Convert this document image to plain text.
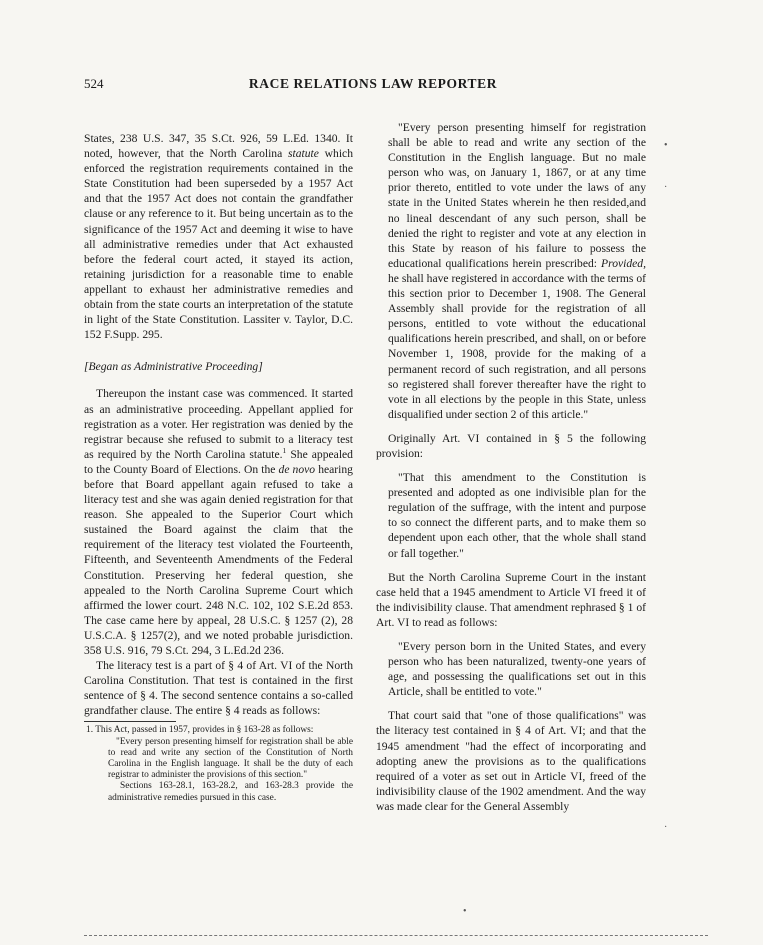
524	RACE RELATIONS LAW REPORTER

States, 238 U.S. 347, 35 S.Ct. 926, 59 L.Ed. 1340. It noted, however, that the North Carolina statute which enforced the registration requirements contained in the State Constitution had been superseded by a 1957 Act and that the 1957 Act does not contain the grandfather clause or any reference to it. But being uncertain as to the significance of the 1957 Act and deeming it wise to have all administrative remedies under that Act exhausted before the federal court acted, it stayed its action, retaining jurisdiction for a reasonable time to enable appellant to exhaust her administrative remedies and obtain from the state courts an interpretation of the statute in light of the State Constitution. Lassiter v. Taylor, D.C. 152 F.Supp. 295.

[Began as Administrative Proceeding]

Thereupon the instant case was commenced. It started as an administrative proceeding. Appellant applied for registration as a voter. Her registration was denied by the registrar because she refused to submit to a literacy test as required by the North Carolina statute.$^1$ She appealed to the County Board of Elections. On the de novo hearing before that Board appellant again refused to take a literacy test and she was again denied registration for that reason. She appealed to the Superior Court which sustained the Board against the claim that the requirement of the literacy test violated the Fourteenth, Fifteenth, and Seventeenth Amendments of the Federal Constitution. Preserving her federal question, she appealed to the North Carolina Supreme Court which affirmed the lower court. 248 N.C. 102, 102 S.E.2d 853. The case came here by appeal, 28 U.S.C. § 1257 (2), 28 U.S.C.A. § 1257(2), and we noted probable jurisdiction. 358 U.S. 916, 79 S.Ct. 294, 3 L.Ed.2d 236.

The literacy test is a part of § 4 of Art. VI of the North Carolina Constitution. That test is contained in the first sentence of § 4. The second sentence contains a so-called grandfather clause. The entire § 4 reads as follows:

1. This Act, passed in 1957, provides in § 163-28 as follows:

"Every person presenting himself for registration shall be able to read and write any section of the Constitution of North Carolina in the English language. It shall be the duty of each registrar to administer the provisions of this section."

Sections 163-28.1, 163-28.2, and 163-28.3 provide the administrative remedies pursued in this case.

"Every person presenting himself for registration shall be able to read and write any section of the Constitution in the English language. But no male person who was, on January 1, 1867, or at any time prior thereto, entitled to vote under the laws of any state in the United States wherein he then resided,and no lineal descendant of any such person, shall be denied the right to register and vote at any election in this State by reason of his failure to possess the educational qualifications herein prescribed: Provided, he shall have registered in accordance with the terms of this section prior to December 1, 1908. The General Assembly shall provide for the registration of all persons, entitled to vote without the educational qualifications herein prescribed, and shall, on or before November 1, 1908, provide for the making of a permanent record of such registration, and all persons so registered shall forever thereafter have the right to vote in all elections by the people in this State, unless disqualified under section 2 of this article."

Originally Art. VI contained in § 5 the following provision:

"That this amendment to the Constitution is presented and adopted as one indivisible plan for the regulation of the suffrage, with the intent and purpose to so connect the different parts, and to make them so dependent upon each other, that the whole shall stand or fall together."

But the North Carolina Supreme Court in the instant case held that a 1945 amendment to Article VI freed it of the indivisibility clause. That amendment rephrased § 1 of Art. VI to read as follows:

"Every person born in the United States, and every person who has been naturalized, twenty-one years of age, and possessing the qualifications set out in this Article, shall be entitled to vote."

That court said that "one of those qualifications" was the literacy test contained in § 4 of Art. VI; and that the 1945 amendment "had the effect of incorporating and adopting anew the provisions as to the qualifications required of a voter as set out in Article VI, freed of the indivisibility clause of the 1902 amendment. And the way was made clear for the General Assembly

•
·
·
•
